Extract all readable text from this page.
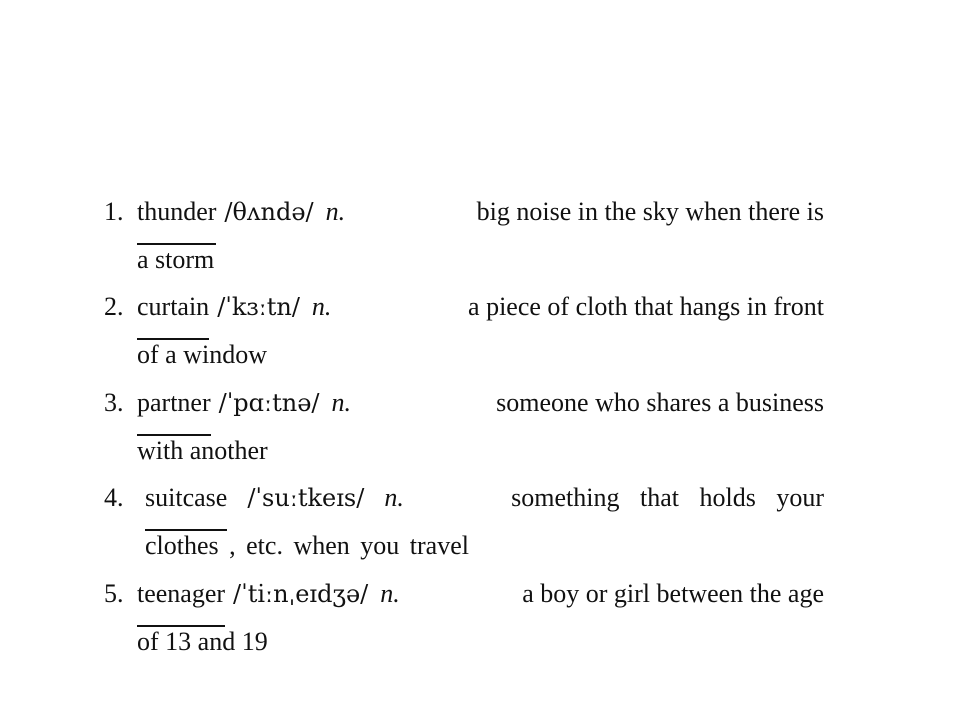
1. thunder /θʌndə/ n.	big noise in the sky when there is
a storm
2. curtain /ˈkɜːtn/ n.	a piece of cloth that hangs in front
of a window
3. partner /ˈpɑːtnə/ n.	someone who shares a business
with another
4. suitcase /ˈsuːtkeɪs/ n.	something that holds your
clothes , etc. when you travel
5. teenager /ˈtiːnˌeɪdʒə/ n.	a boy or girl between the age
of 13 and 19
